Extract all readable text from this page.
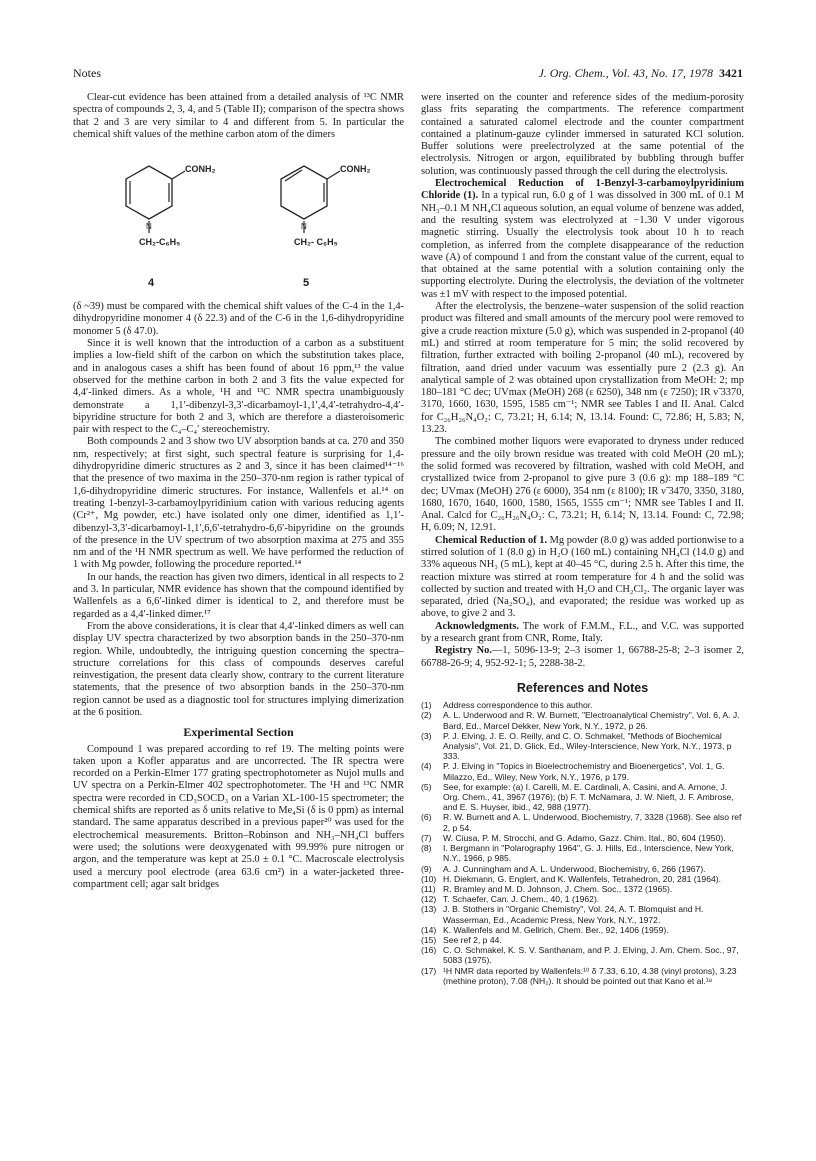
Notes	J. Org. Chem., Vol. 43, No. 17, 1978 3421

Clear-cut evidence has been attained from a detailed analysis of ¹³C NMR spectra of compounds 2, 3, 4, and 5 (Table II); comparison of the spectra shows that 2 and 3 are very similar to 4 and different from 5. In particular the chemical shift values of the methine carbon atom of the dimers

N
CONH₂
CH₂-C₆H₅
4
N
CONH₂
CH₂- C₆H₅
5

(δ ~39) must be compared with the chemical shift values of the C-4 in the 1,4-dihydropyridine monomer 4 (δ 22.3) and of the C-6 in the 1,6-dihydropyridine monomer 5 (δ 47.0).

Since it is well known that the introduction of a carbon as a substituent implies a low-field shift of the carbon on which the substitution takes place, and in analogous cases a shift has been found of about 16 ppm,¹³ the value observed for the methine carbon in both 2 and 3 fits the value expected for 4,4′-linked dimers. As a whole, ¹H and ¹³C NMR spectra unambiguously demonstrate a 1,1′-dibenzyl-3,3′-dicarbamoyl-1,1′,4,4′-tetrahydro-4,4′-bipyridine structure for both 2 and 3, which are therefore a diasteroisomeric pair with respect to the C₄–C₄′ stereochemistry.

Both compounds 2 and 3 show two UV absorption bands at ca. 270 and 350 nm, respectively; at first sight, such spectral feature is surprising for 1,4-dihydropyridine dimeric structures as 2 and 3, since it has been claimed¹⁴⁻¹⁶ that the presence of two maxima in the 250–370-nm region is rather typical of 1,6-dihydropyridine dimeric structures. For instance, Wallenfels et al.¹⁴ on treating 1-benzyl-3-carbamoylpyridinium cation with various reducing agents (Cr²⁺, Mg powder, etc.) have isolated only one dimer, identified as 1,1′-dibenzyl-3,3′-dicarbamoyl-1,1′,6,6′-tetrahydro-6,6′-bipyridine on the grounds of the presence in the UV spectrum of two absorption maxima at 275 and 355 nm and of the ¹H NMR spectrum as well. We have performed the reduction of 1 with Mg powder, following the procedure reported.¹⁴

In our hands, the reaction has given two dimers, identical in all respects to 2 and 3. In particular, NMR evidence has shown that the compound identified by Wallenfels as a 6,6′-linked dimer is identical to 2, and therefore must be regarded as a 4,4′-linked dimer.¹⁷

From the above considerations, it is clear that 4,4′-linked dimers as well can display UV spectra characterized by two absorption bands in the 250–370-nm region. While, undoubtedly, the intriguing question concerning the spectra–structure correlations for this class of compounds deserves careful reinvestigation, the present data clearly show, contrary to the current literature statements, that the presence of two absorption bands in the 250–370-nm region cannot be used as a diagnostic tool for structures implying dimerization at the 6 position.

Experimental Section

Compound 1 was prepared according to ref 19. The melting points were taken upon a Kofler apparatus and are uncorrected. The IR spectra were recorded on a Perkin-Elmer 177 grating spectrophotometer as Nujol mulls and UV spectra on a Perkin-Elmer 402 spectrophotometer. The ¹H and ¹³C NMR spectra were recorded in CD₃SOCD₃ on a Varian XL-100-15 spectrometer; the chemical shifts are reported as δ units relative to Me₄Si (δ is 0 ppm) as internal standard. The same apparatus described in a previous paper²⁰ was used for the electrochemical measurements. Britton–Robinson and NH₃–NH₄Cl buffers were used; the solutions were deoxygenated with 99.99% pure nitrogen or argon, and the temperature was kept at 25.0 ± 0.1 °C. Macroscale electrolysis used a mercury pool electrode (area 63.6 cm²) in a water-jacketed three-compartment cell; agar salt bridges

were inserted on the counter and reference sides of the medium-porosity glass frits separating the compartments. The reference compartment contained a saturated calomel electrode and the counter compartment contained a platinum-gauze cylinder immersed in saturated KCl solution. Buffer solutions were preelectrolyzed at the same potential of the electrolysis. Nitrogen or argon, equilibrated by bubbling through buffer solution, was continuously passed through the cell during the electrolysis.

Electrochemical Reduction of 1-Benzyl-3-carbamoylpyridinium Chloride (1). In a typical run, 6.0 g of 1 was dissolved in 300 mL of 0.1 M NH₃–0.1 M NH₄Cl aqueous solution, an equal volume of benzene was added, and the resulting system was electrolyzed at −1.30 V under vigorous magnetic stirring. Usually the electrolysis took about 10 h to reach completion, as inferred from the complete disappearance of the reduction wave (A) of compound 1 and from the constant value of the current, equal to that obtained at the same potential with a solution containing only the supporting electrolyte. During the electrolysis, the deviation of the voltmeter was ±1 mV with respect to the imposed potential.

After the electrolysis, the benzene–water suspension of the solid reaction product was filtered and small amounts of the mercury pool were removed to give a crude reaction mixture (5.0 g), which was suspended in 2-propanol (40 mL) and stirred at room temperature for 5 min; the solid recovered by filtration, further extracted with boiling 2-propanol (40 mL), recovered by filtration, aand dried under vacuum was essentially pure 2 (2.3 g). An analytical sample of 2 was obtained upon crystallization from MeOH: 2; mp 180–181 °C dec; UVmax (MeOH) 268 (ε 6250), 348 nm (ε 7250); IR ν̃ 3370, 3170, 1660, 1630, 1595, 1585 cm⁻¹; NMR see Tables I and II. Anal. Calcd for C₂₆H₂₆N₄O₂: C, 73.21; H, 6.14; N, 13.14. Found: C, 72.86; H, 5.83; N, 13.23.

The combined mother liquors were evaporated to dryness under reduced pressure and the oily brown residue was treated with cold MeOH (20 mL); the solid formed was recovered by filtration, washed with cold MeOH, and crystallized twice from 2-propanol to give pure 3 (0.6 g): mp 188–189 °C dec; UVmax (MeOH) 276 (ε 6000), 354 nm (ε 8100); IR ν̃ 3470, 3350, 3180, 1680, 1670, 1640, 1600, 1580, 1565, 1555 cm⁻¹; NMR see Tables I and II. Anal. Calcd for C₂₆H₂₆N₄O₂: C, 73.21; H, 6.14; N, 13.14. Found: C, 72.98; H, 6.09; N, 12.91.

Chemical Reduction of 1. Mg powder (8.0 g) was added portionwise to a stirred solution of 1 (8.0 g) in H₂O (160 mL) containing NH₄Cl (14.0 g) and 33% aqueous NH₃ (5 mL), kept at 40–45 °C, during 2.5 h. After this time, the reaction mixture was stirred at room temperature for 4 h and the solid was collected by suction and treated with H₂O and CH₂Cl₂. The organic layer was separated, dried (Na₂SO₄), and evaporated; the residue was worked up as above, to give 2 and 3.

Acknowledgments. The work of F.M.M., F.L., and V.C. was supported by a research grant from CNR, Rome, Italy.

Registry No.—1, 5096-13-9; 2–3 isomer 1, 66788-25-8; 2–3 isomer 2, 66788-26-9; 4, 952-92-1; 5, 2288-38-2.

References and Notes
(1)	Address correspondence to this author.
(2)	A. L. Underwood and R. W. Burnett, "Electroanalytical Chemistry", Vol. 6, A. J. Bard, Ed., Marcel Dekker, New York, N.Y., 1972, p 26.
(3)	P. J. Elving, J. E. O. Reilly, and C. O. Schmakel, "Methods of Biochemical Analysis", Vol. 21, D. Glick, Ed., Wiley-Interscience, New York, N.Y., 1973, p 333.
(4)	P. J. Elving in "Topics in Bioelectrochemistry and Bioenergetics", Vol. 1, G. Milazzo, Ed., Wiley, New York, N.Y., 1976, p 179.
(5)	See, for example: (a) I. Carelli, M. E. Cardinali, A. Casini, and A. Arnone, J. Org. Chem., 41, 3967 (1976); (b) F. T. McNamara, J. W. Nieft, J. F. Ambrose, and E. S. Huyser, ibid., 42, 988 (1977).
(6)	R. W. Burnett and A. L. Underwood, Biochemistry, 7, 3328 (1968). See also ref 2, p 54.
(7)	W. Ciusa, P. M. Strocchi, and G. Adamo, Gazz. Chim. Ital., 80, 604 (1950).
(8)	I. Bergmann in "Polarography 1964", G. J. Hills, Ed., Interscience, New York, N.Y., 1966, p 985.
(9)	A. J. Cunningham and A. L. Underwood, Biochemistry, 6, 266 (1967).
(10) H. Diekmann, G. Englert, and K. Wallenfels, Tetrahedron, 20, 281 (1964).
(11) R. Bramley and M. D. Johnson, J. Chem. Soc., 1372 (1965).
(12) T. Schaefer, Can. J. Chem., 40, 1 (1962).
(13) J. B. Stothers in "Organic Chemistry", Vol. 24, A. T. Blomquist and H. Wasserman, Ed., Academic Press, New York, N.Y., 1972.
(14) K. Wallenfels and M. Gellrich, Chem. Ber., 92, 1406 (1959).
(15) See ref 2, p 44.
(16) C. O. Schmakel, K. S. V. Santhanam, and P. J. Elving, J. Am. Chem. Soc., 97, 5083 (1975).
(17) ¹H NMR data reported by Wallenfels:¹⁰ δ 7.33, 6.10, 4.38 (vinyl protons), 3.23 (methine proton), 7.08 (NH₂). It should be pointed out that Kano et al.¹⁸
